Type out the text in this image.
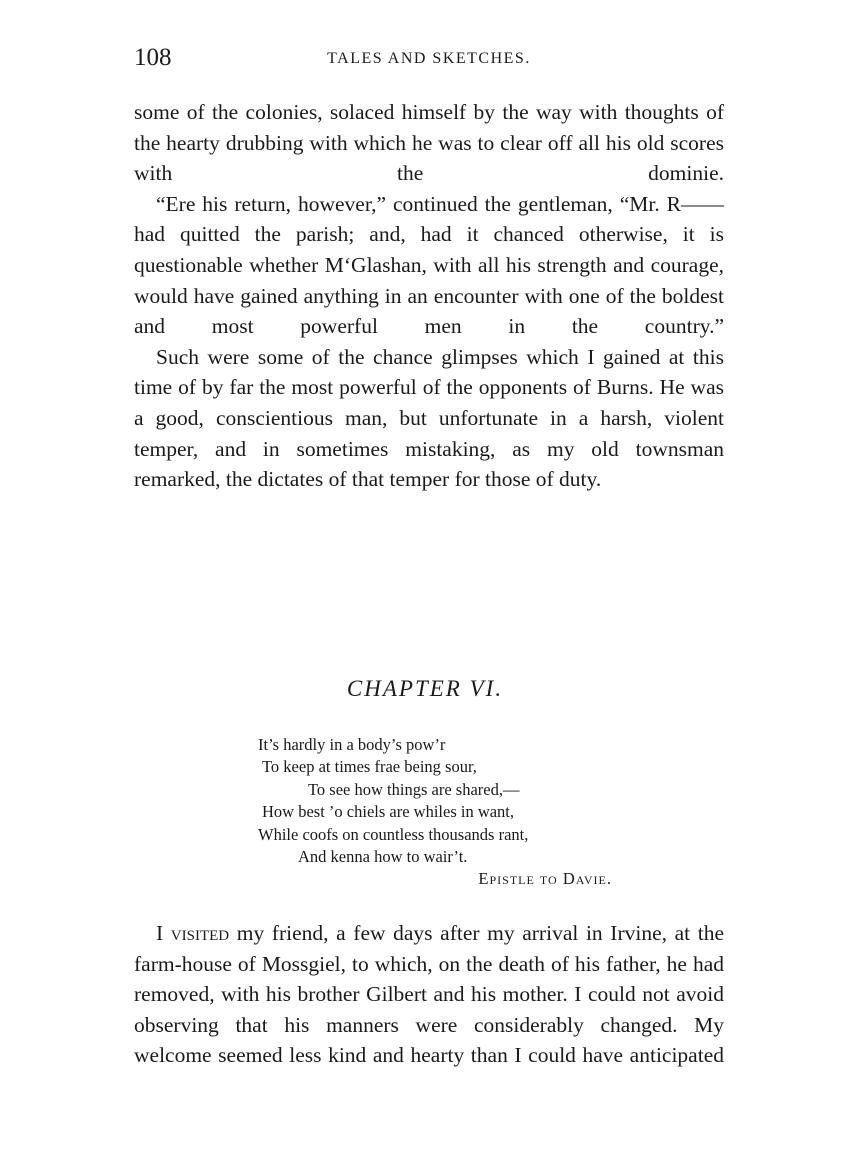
108	TALES AND SKETCHES.

some of the colonies, solaced himself by the way with thoughts of the hearty drubbing with which he was to clear off all his old scores with the dominie.

“Ere his return, however,” continued the gentleman, “Mr. R—— had quitted the parish; and, had it chanced otherwise, it is questionable whether M‘Glashan, with all his strength and courage, would have gained anything in an encounter with one of the boldest and most powerful men in the country.”

Such were some of the chance glimpses which I gained at this time of by far the most powerful of the opponents of Burns. He was a good, conscientious man, but unfortunate in a harsh, violent temper, and in sometimes mistaking, as my old townsman remarked, the dictates of that temper for those of duty.

CHAPTER VI.
It’s hardly in a body’s pow’r
To keep at times frae being sour,
To see how things are shared,—
How best ’o chiels are whiles in want,
While coofs on countless thousands rant,
And kenna how to wair’t.
Epistle to Davie.

I visited my friend, a few days after my arrival in Irvine, at the farm-house of Mossgiel, to which, on the death of his father, he had removed, with his brother Gilbert and his mother. I could not avoid observing that his manners were considerably changed. My welcome seemed less kind and hearty than I could have anticipated
